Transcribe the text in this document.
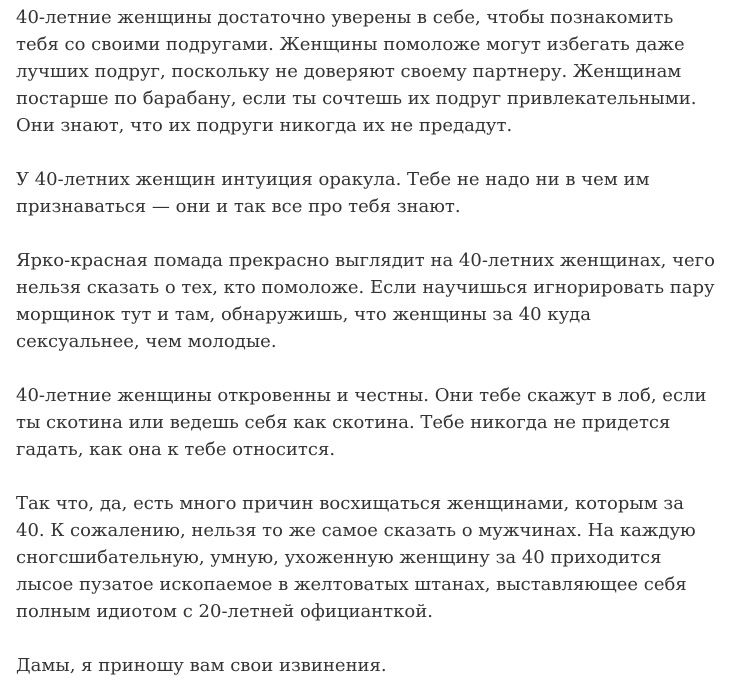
40-летние женщины достаточно уверены в себе, чтобы познакомить тебя со своими подругами. Женщины помоложе могут избегать даже лучших подруг, поскольку не доверяют своему партнеру. Женщинам постарше по барабану, если ты сочтешь их подруг привлекательными. Они знают, что их подруги никогда их не предадут.

У 40-летних женщин интуиция оракула. Тебе не надо ни в чем им признаваться — они и так все про тебя знают.

Ярко-красная помада прекрасно выглядит на 40-летних женщинах, чего нельзя сказать о тех, кто помоложе. Если научишься игнорировать пару морщинок тут и там, обнаружишь, что женщины за 40 куда сексуальнее, чем молодые.

40-летние женщины откровенны и честны. Они тебе скажут в лоб, если ты скотина или ведешь себя как скотина. Тебе никогда не придется гадать, как она к тебе относится.

Так что, да, есть много причин восхищаться женщинами, которым за 40. К сожалению, нельзя то же самое сказать о мужчинах. На каждую сногсшибательную, умную, ухоженную женщину за 40 приходится лысое пузатое ископаемое в желтоватых штанах, выставляющее себя полным идиотом с 20-летней официанткой.

Дамы, я приношу вам свои извинения.
